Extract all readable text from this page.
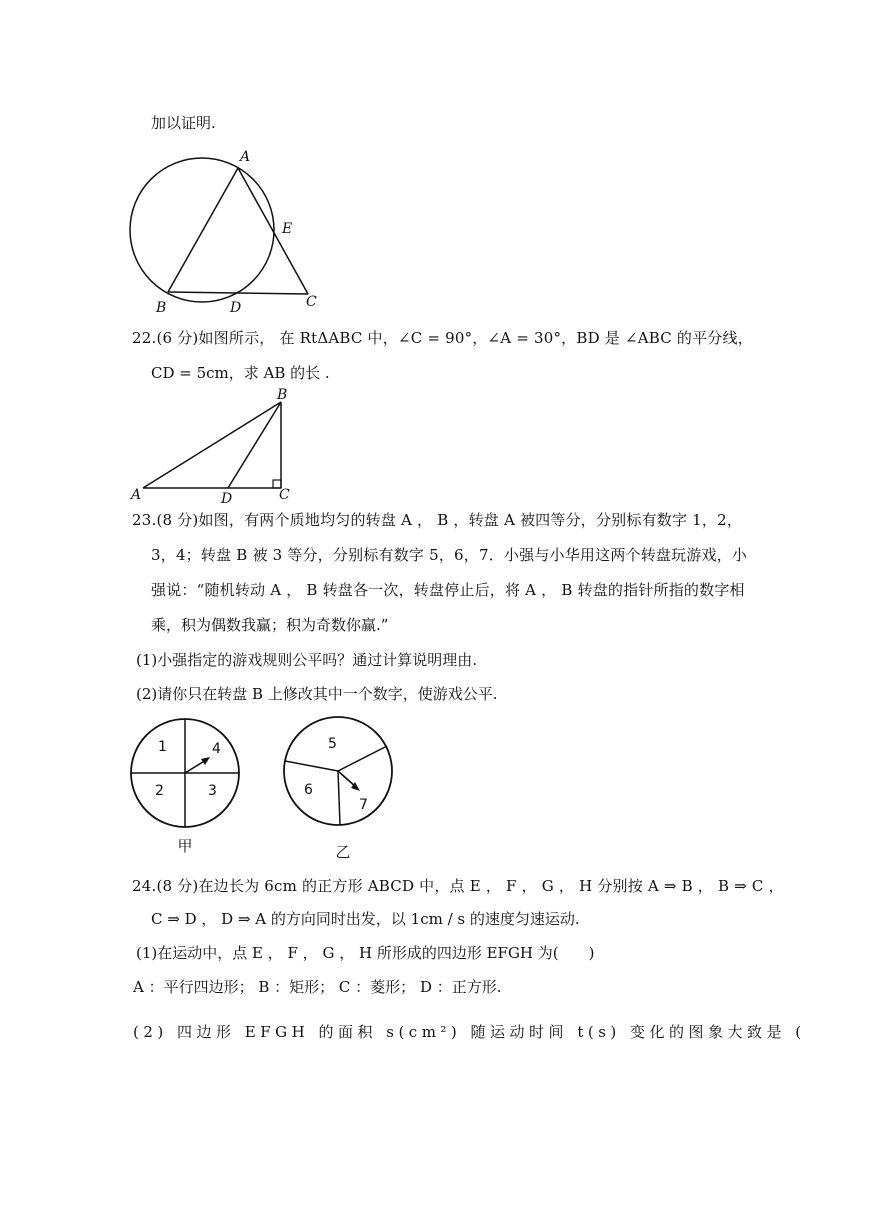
加以证明.
A
E
B	D	C
22.(6 分)如图所示， 在 RtΔABC 中，∠C = 90°，∠A = 30°，BD 是 ∠ABC 的平分线，
CD = 5cm，求 AB 的长 .
B
A	D	C
23.(8 分)如图，有两个质地均匀的转盘 A ， B ，转盘 A 被四等分，分别标有数字 1，2，
3，4；转盘 B 被 3 等分，分别标有数字 5，6，7．小强与小华用这两个转盘玩游戏，小
强说：“随机转动 A ， B 转盘各一次，转盘停止后，将 A ， B 转盘的指针所指的数字相
乘，积为偶数我赢；积为奇数你赢.”
(1)小强指定的游戏规则公平吗？通过计算说明理由.
(2)请你只在转盘 B 上修改其中一个数字，使游戏公平.
1	4
2	3
甲
5
6
7
乙
24.(8 分)在边长为 6cm 的正方形 ABCD 中，点 E ， F ， G ， H 分别按 A ⇒ B ， B ⇒ C ，
C ⇒ D ， D ⇒ A 的方向同时出发，以 1cm / s 的速度匀速运动.
(1)在运动中，点 E ， F ， G ， H 所形成的四边形 EFGH 为(　　)
A ：平行四边形； B ：矩形； C ：菱形； D ：正方形.
(2) 四边形 EFGH 的面积 s(cm²) 随运动时间 t(s) 变化的图象大致是 (
